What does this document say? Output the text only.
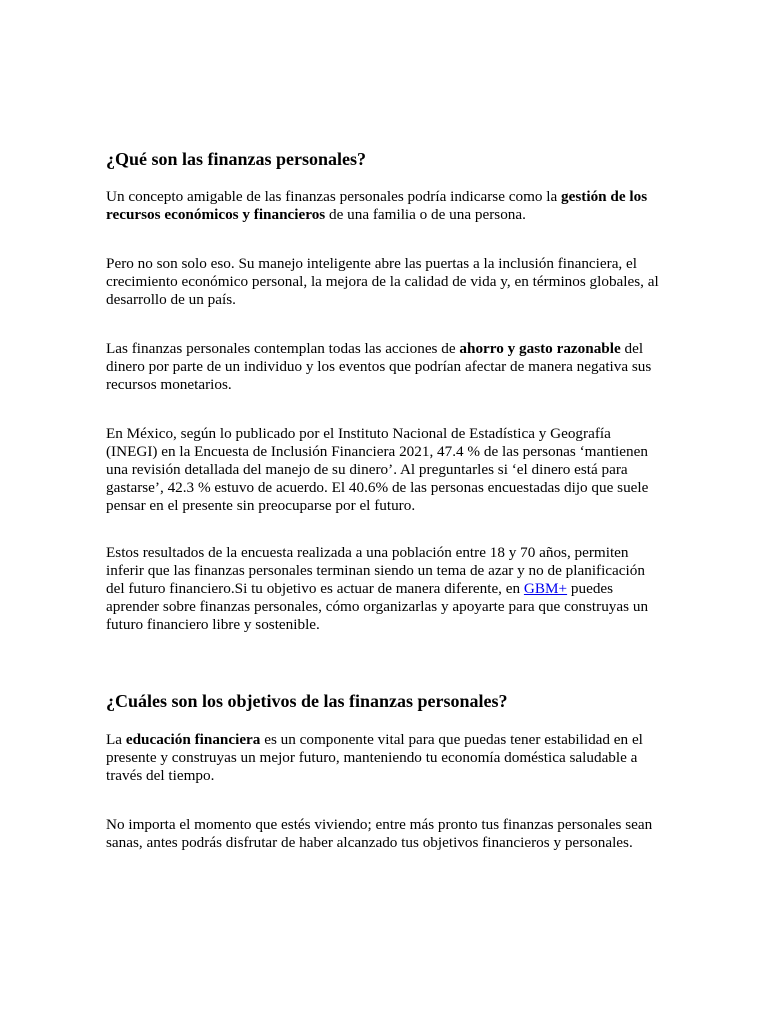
¿Qué son las finanzas personales?

Un concepto amigable de las finanzas personales podría indicarse como la gestión de los recursos económicos y financieros de una familia o de una persona.

Pero no son solo eso. Su manejo inteligente abre las puertas a la inclusión financiera, el crecimiento económico personal, la mejora de la calidad de vida y, en términos globales, al desarrollo de un país.

Las finanzas personales contemplan todas las acciones de ahorro y gasto razonable del dinero por parte de un individuo y los eventos que podrían afectar de manera negativa sus recursos monetarios.

En México, según lo publicado por el Instituto Nacional de Estadística y Geografía (INEGI) en la Encuesta de Inclusión Financiera 2021, 47.4 % de las personas ‘mantienen una revisión detallada del manejo de su dinero’. Al preguntarles si ‘el dinero está para gastarse’, 42.3 % estuvo de acuerdo. El 40.6% de las personas encuestadas dijo que suele pensar en el presente sin preocuparse por el futuro.

Estos resultados de la encuesta realizada a una población entre 18 y 70 años, permiten inferir que las finanzas personales terminan siendo un tema de azar y no de planificación del futuro financiero.Si tu objetivo es actuar de manera diferente, en GBM+ puedes aprender sobre finanzas personales, cómo organizarlas y apoyarte para que construyas un futuro financiero libre y sostenible.

¿Cuáles son los objetivos de las finanzas personales?

La educación financiera es un componente vital para que puedas tener estabilidad en el presente y construyas un mejor futuro, manteniendo tu economía doméstica saludable a través del tiempo.

No importa el momento que estés viviendo; entre más pronto tus finanzas personales sean sanas, antes podrás disfrutar de haber alcanzado tus objetivos financieros y personales.
